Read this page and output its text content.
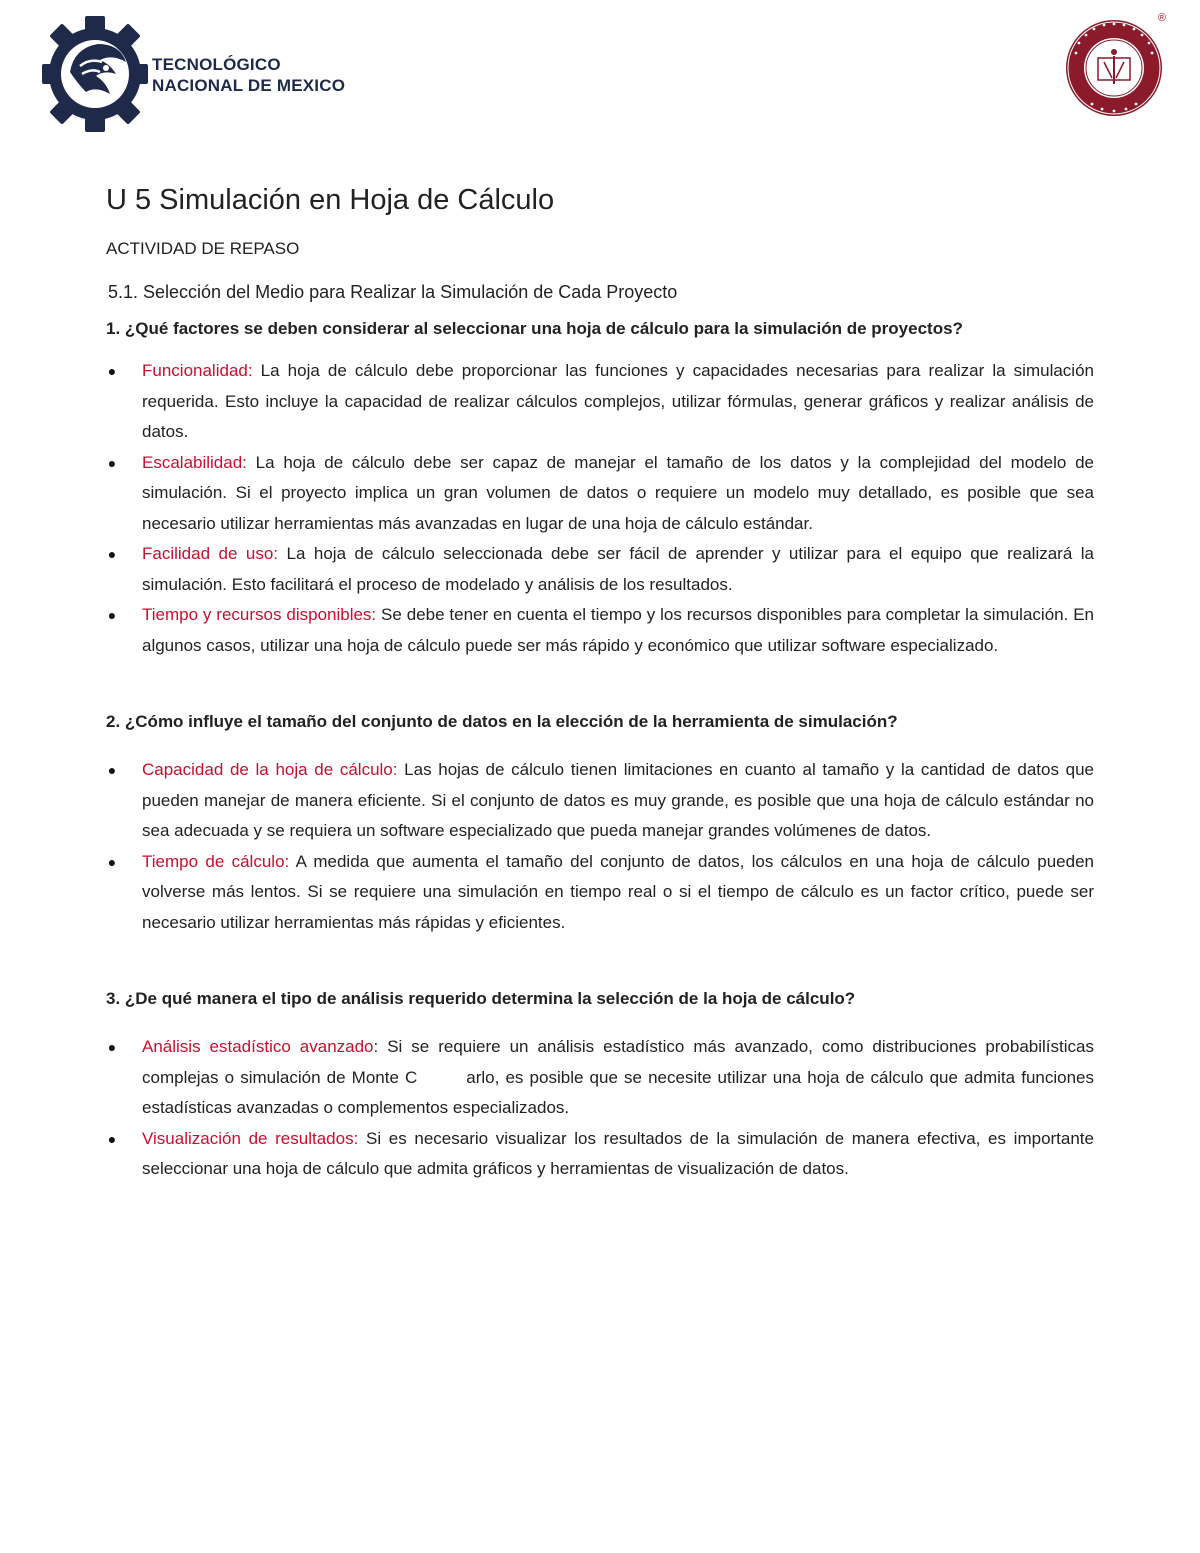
TECNOLÓGICO
NACIONAL DE MEXICO
®
U 5 Simulación en Hoja de Cálculo
ACTIVIDAD DE REPASO
5.1. Selección del Medio para Realizar la Simulación de Cada Proyecto
1. ¿Qué factores se deben considerar al seleccionar una hoja de cálculo para la simulación de proyectos?
● Funcionalidad: La hoja de cálculo debe proporcionar las funciones y capacidades necesarias para realizar la simulación requerida. Esto incluye la capacidad de realizar cálculos complejos, utilizar fórmulas, generar gráficos y realizar análisis de datos.
● Escalabilidad: La hoja de cálculo debe ser capaz de manejar el tamaño de los datos y la complejidad del modelo de simulación. Si el proyecto implica un gran volumen de datos o requiere un modelo muy detallado, es posible que sea necesario utilizar herramientas más avanzadas en lugar de una hoja de cálculo estándar.
● Facilidad de uso: La hoja de cálculo seleccionada debe ser fácil de aprender y utilizar para el equipo que realizará la simulación. Esto facilitará el proceso de modelado y análisis de los resultados.
● Tiempo y recursos disponibles: Se debe tener en cuenta el tiempo y los recursos disponibles para completar la simulación. En algunos casos, utilizar una hoja de cálculo puede ser más rápido y económico que utilizar software especializado.
2. ¿Cómo influye el tamaño del conjunto de datos en la elección de la herramienta de simulación?
● Capacidad de la hoja de cálculo: Las hojas de cálculo tienen limitaciones en cuanto al tamaño y la cantidad de datos que pueden manejar de manera eficiente. Si el conjunto de datos es muy grande, es posible que una hoja de cálculo estándar no sea adecuada y se requiera un software especializado que pueda manejar grandes volúmenes de datos.
● Tiempo de cálculo: A medida que aumenta el tamaño del conjunto de datos, los cálculos en una hoja de cálculo pueden volverse más lentos. Si se requiere una simulación en tiempo real o si el tiempo de cálculo es un factor crítico, puede ser necesario utilizar herramientas más rápidas y eficientes.
3. ¿De qué manera el tipo de análisis requerido determina la selección de la hoja de cálculo?
● Análisis estadístico avanzado: Si se requiere un análisis estadístico más avanzado, como distribuciones probabilísticas complejas o simulación de Monte C        arlo, es posible que se necesite utilizar una hoja de cálculo que admita funciones estadísticas avanzadas o complementos especializados.
● Visualización de resultados: Si es necesario visualizar los resultados de la simulación de manera efectiva, es importante seleccionar una hoja de cálculo que admita gráficos y herramientas de visualización de datos.
